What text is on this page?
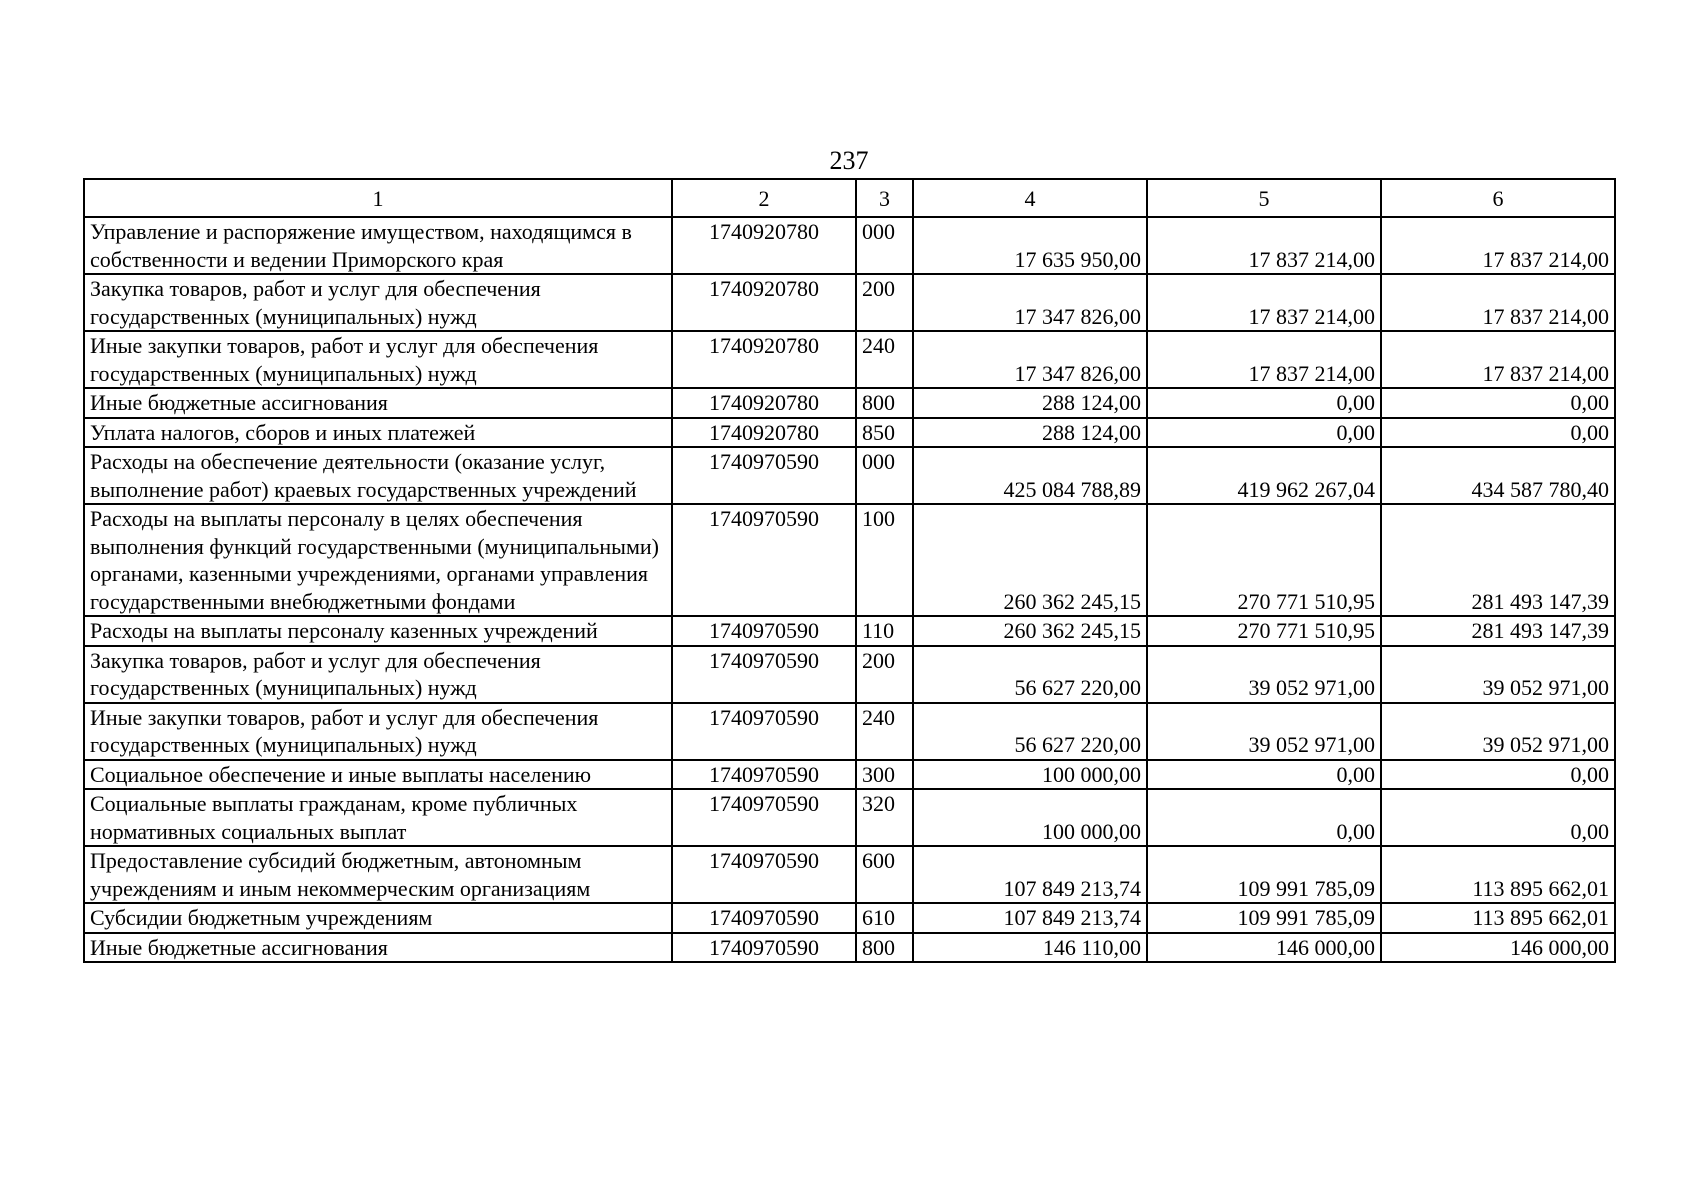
237
1	2	3	4	5	6
Управление и распоряжение имуществом, находящимся в собственности и ведении Приморского края	1740920780	000	17 635 950,00	17 837 214,00	17 837 214,00
Закупка товаров, работ и услуг для обеспечения государственных (муниципальных) нужд	1740920780	200	17 347 826,00	17 837 214,00	17 837 214,00
Иные закупки товаров, работ и услуг для обеспечения государственных (муниципальных) нужд	1740920780	240	17 347 826,00	17 837 214,00	17 837 214,00
Иные бюджетные ассигнования	1740920780	800	288 124,00	0,00	0,00
Уплата налогов, сборов и иных платежей	1740920780	850	288 124,00	0,00	0,00
Расходы на обеспечение деятельности (оказание услуг, выполнение работ) краевых государственных учреждений	1740970590	000	425 084 788,89	419 962 267,04	434 587 780,40
Расходы на выплаты персоналу в целях обеспечения выполнения функций государственными (муниципальными) органами, казенными учреждениями, органами управления государственными внебюджетными фондами	1740970590	100	260 362 245,15	270 771 510,95	281 493 147,39
Расходы на выплаты персоналу казенных учреждений	1740970590	110	260 362 245,15	270 771 510,95	281 493 147,39
Закупка товаров, работ и услуг для обеспечения государственных (муниципальных) нужд	1740970590	200	56 627 220,00	39 052 971,00	39 052 971,00
Иные закупки товаров, работ и услуг для обеспечения государственных (муниципальных) нужд	1740970590	240	56 627 220,00	39 052 971,00	39 052 971,00
Социальное обеспечение и иные выплаты населению	1740970590	300	100 000,00	0,00	0,00
Социальные выплаты гражданам, кроме публичных нормативных социальных выплат	1740970590	320	100 000,00	0,00	0,00
Предоставление субсидий бюджетным, автономным учреждениям и иным некоммерческим организациям	1740970590	600	107 849 213,74	109 991 785,09	113 895 662,01
Субсидии бюджетным учреждениям	1740970590	610	107 849 213,74	109 991 785,09	113 895 662,01
Иные бюджетные ассигнования	1740970590	800	146 110,00	146 000,00	146 000,00
